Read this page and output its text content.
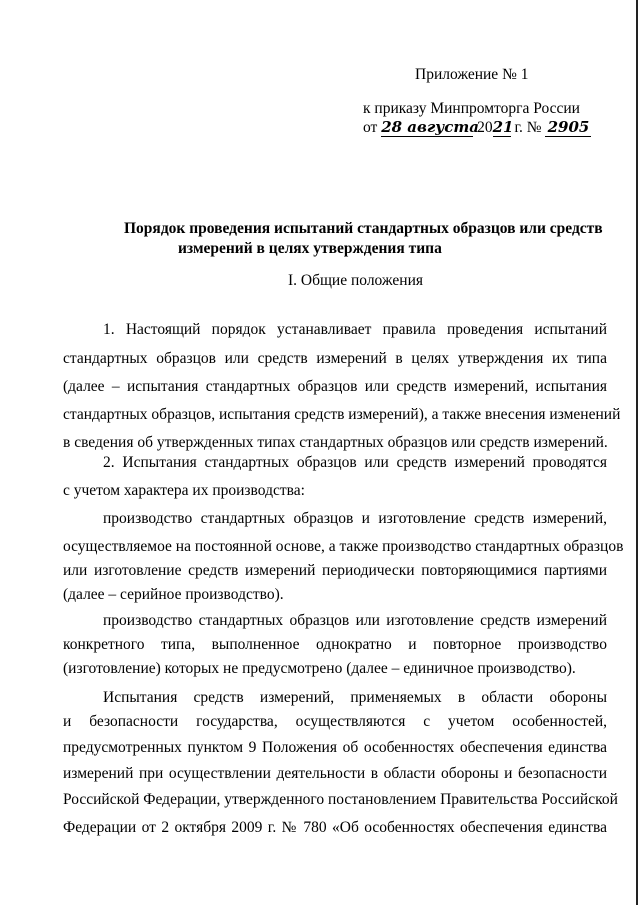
Приложение № 1
к приказу Минпромторга России
от 28 августа 2021 г. № 2905
Порядок проведения испытаний стандартных образцов или средств
измерений в целях утверждения типа
I. Общие положения
1. Настоящий порядок устанавливает правила проведения испытаний
стандартных образцов или средств измерений в целях утверждения их типа
(далее – испытания стандартных образцов или средств измерений, испытания
стандартных образцов, испытания средств измерений), а также внесения изменений
в сведения об утвержденных типах стандартных образцов или средств измерений.
2. Испытания стандартных образцов или средств измерений проводятся
с учетом характера их производства:
производство стандартных образцов и изготовление средств измерений,
осуществляемое на постоянной основе, а также производство стандартных образцов
или изготовление средств измерений периодически повторяющимися партиями
(далее – серийное производство).
производство стандартных образцов или изготовление средств измерений
конкретного типа, выполненное однократно и повторное производство
(изготовление) которых не предусмотрено (далее – единичное производство).
Испытания средств измерений, применяемых в области обороны
и безопасности государства, осуществляются с учетом особенностей,
предусмотренных пунктом 9 Положения об особенностях обеспечения единства
измерений при осуществлении деятельности в области обороны и безопасности
Российской Федерации, утвержденного постановлением Правительства Российской
Федерации от 2 октября 2009 г. № 780 «Об особенностях обеспечения единства
